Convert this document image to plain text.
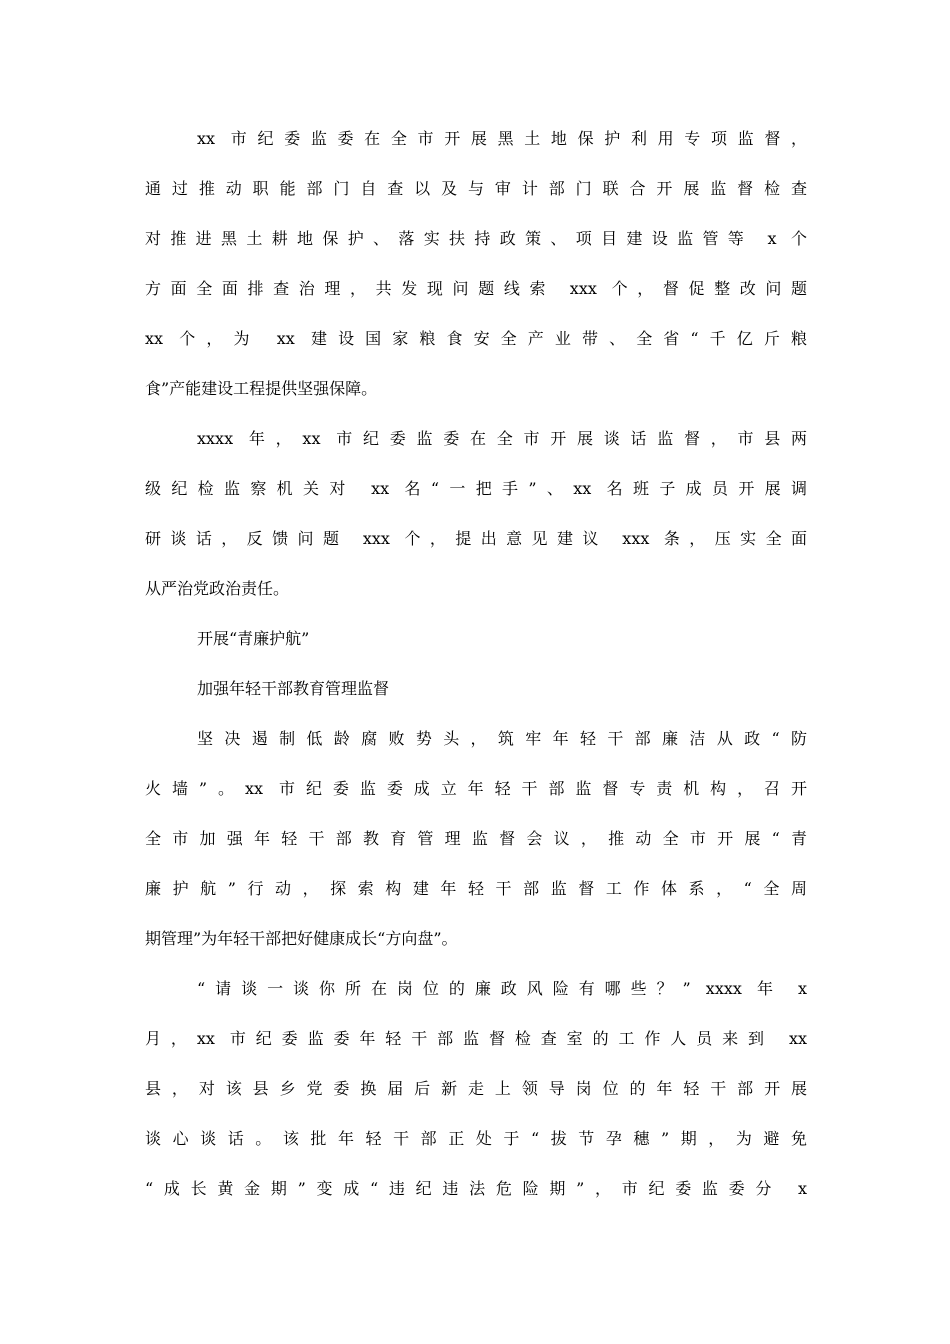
xx 市纪委监委在全市开展黑土地保护利用专项监督，
通过推动职能部门自查以及与审计部门联合开展监督检查
对推进黑土耕地保护、落实扶持政策、项目建设监管等 x 个
方面全面排查治理，共发现问题线索 xxx 个，督促整改问题
xx 个，为 xx 建设国家粮食安全产业带、全省“千亿斤粮
食”产能建设工程提供坚强保障。
xxxx 年，xx 市纪委监委在全市开展谈话监督，市县两
级纪检监察机关对 xx 名“一把手”、xx 名班子成员开展调
研谈话，反馈问题 xxx 个，提出意见建议 xxx 条，压实全面
从严治党政治责任。
开展“青廉护航”
加强年轻干部教育管理监督
坚决遏制低龄腐败势头，筑牢年轻干部廉洁从政“防
火墙”。xx 市纪委监委成立年轻干部监督专责机构，召开
全市加强年轻干部教育管理监督会议，推动全市开展“青
廉护航”行动，探索构建年轻干部监督工作体系，“全周
期管理”为年轻干部把好健康成长“方向盘”。
“请谈一谈你所在岗位的廉政风险有哪些？” xxxx 年 x
月，xx 市纪委监委年轻干部监督检查室的工作人员来到 xx
县，对该县乡党委换届后新走上领导岗位的年轻干部开展
谈心谈话。该批年轻干部正处于“拔节孕穗”期，为避免
“成长黄金期”变成“违纪违法危险期”，市纪委监委分 x
